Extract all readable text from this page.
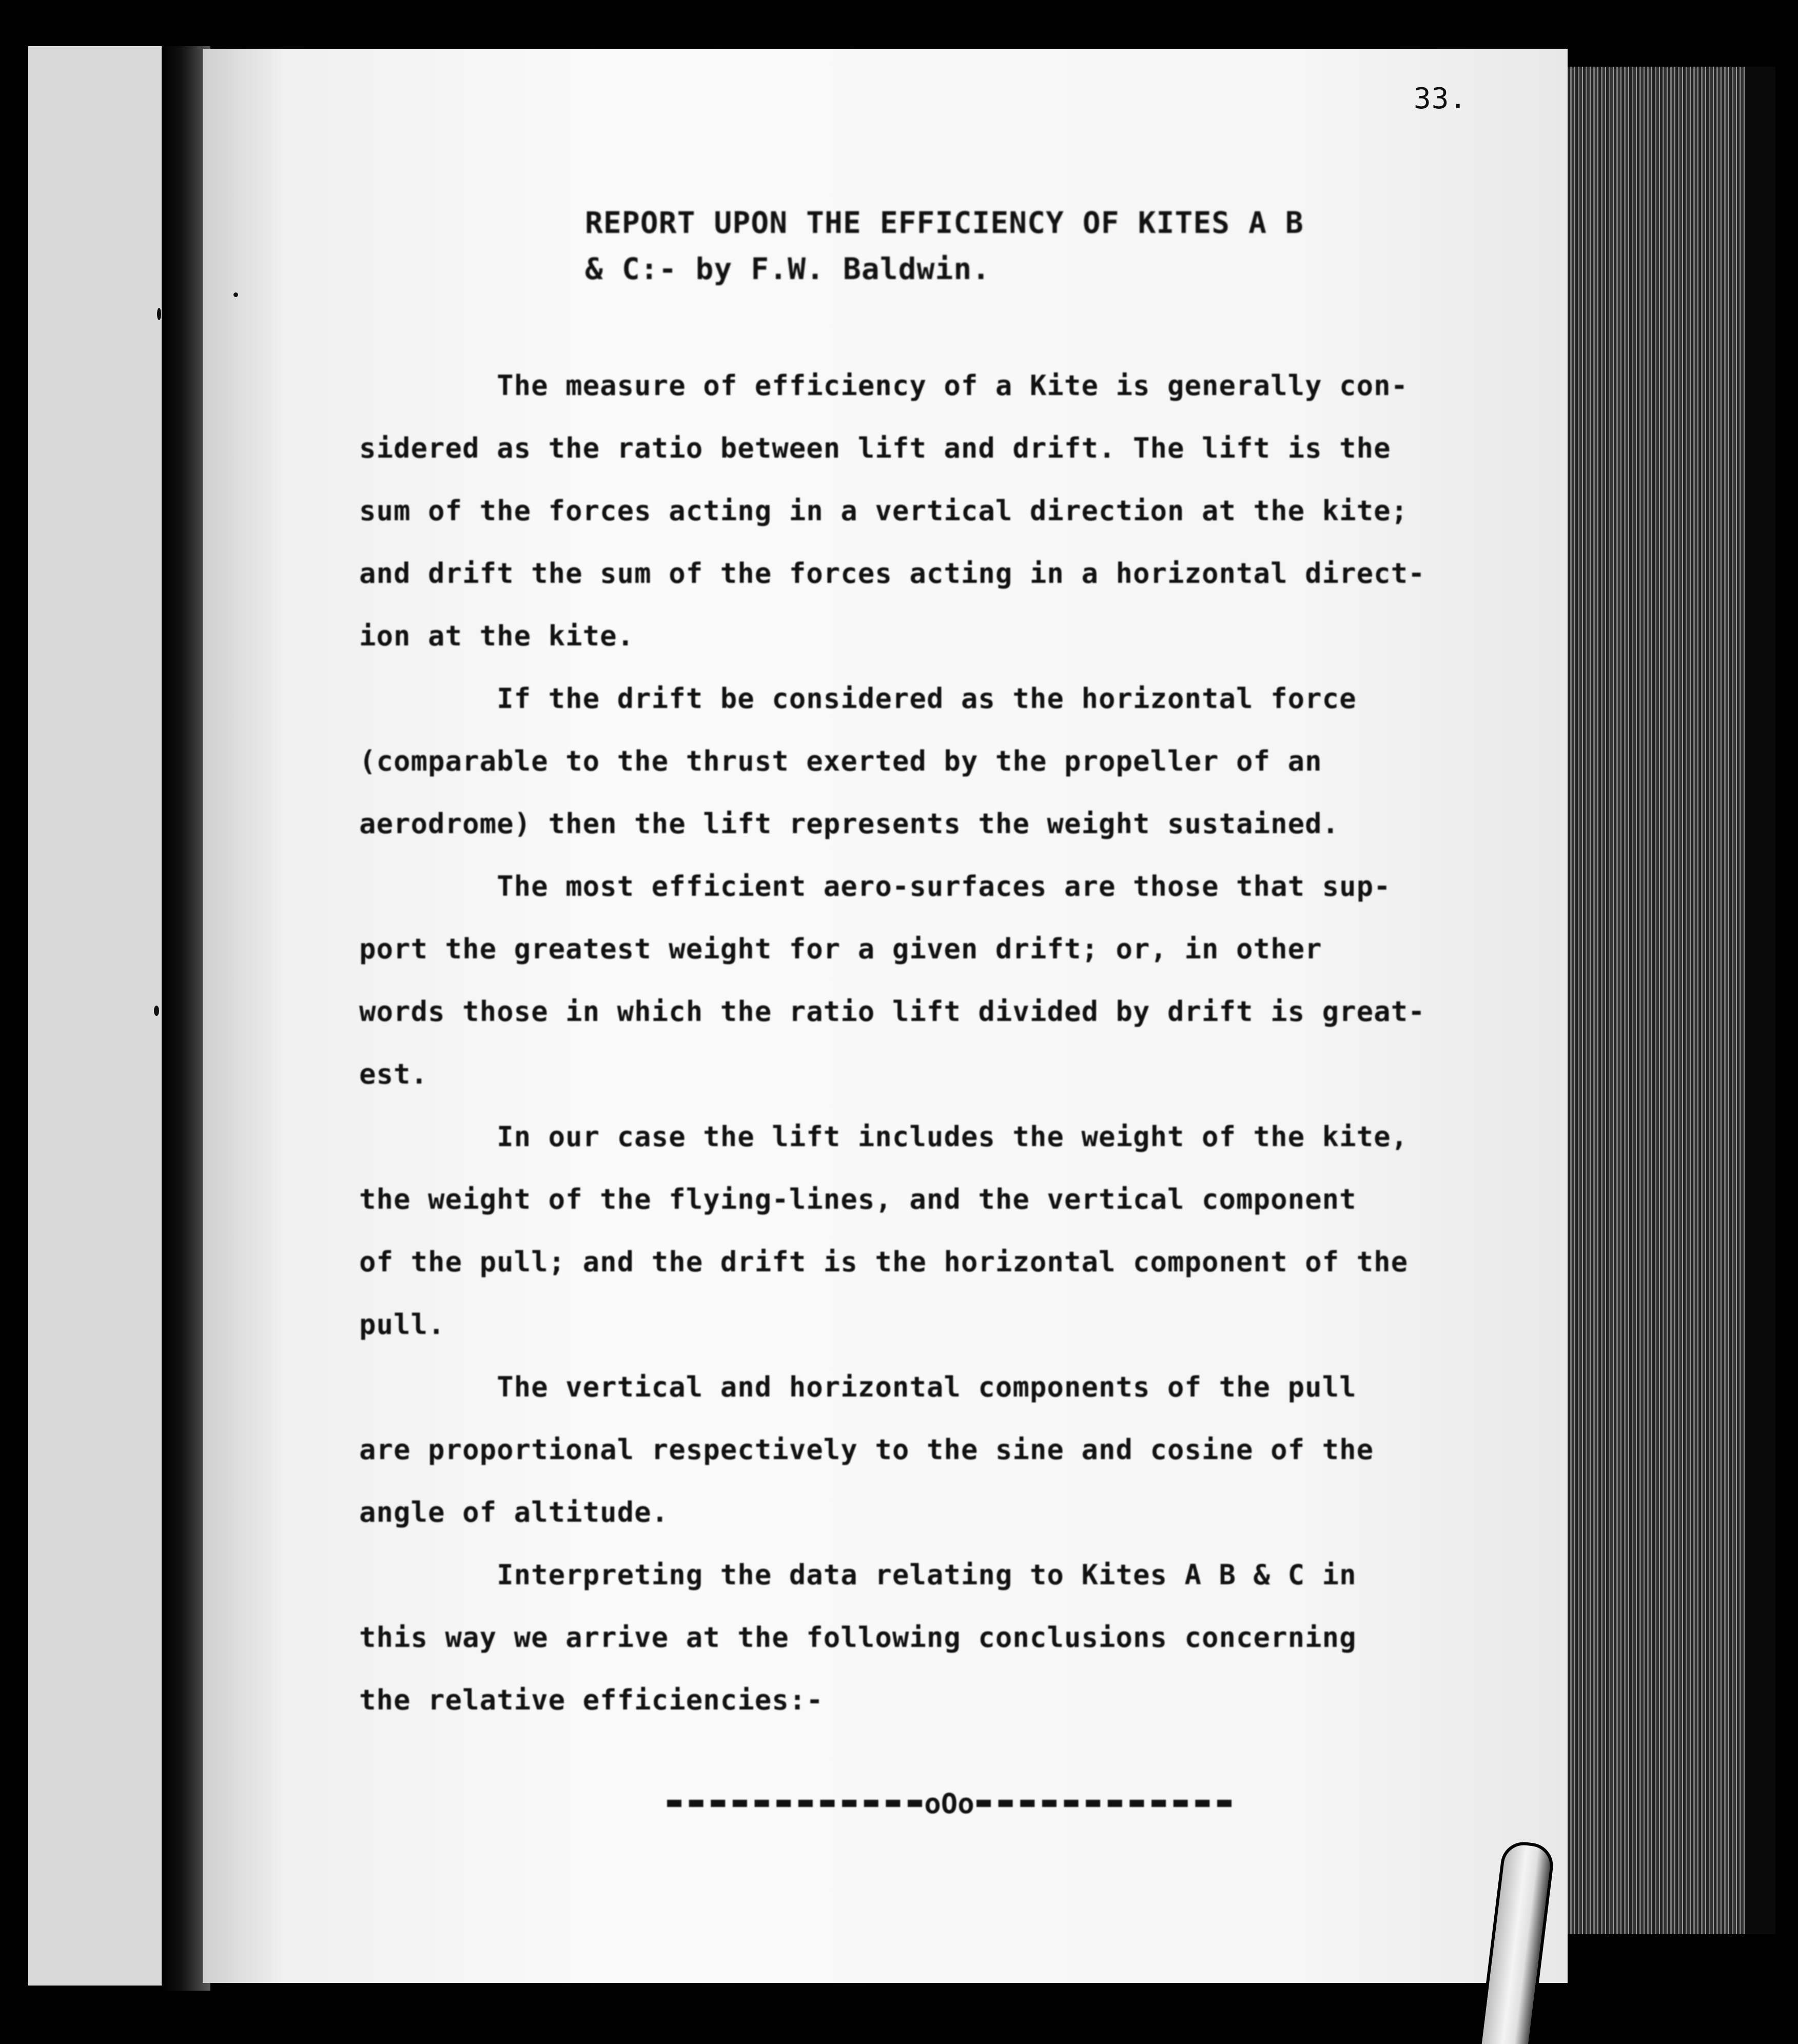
33.
REPORT UPON THE EFFICIENCY OF KITES A B
& C:- by F.W. Baldwin.
The measure of efficiency of a Kite is generally con-
sidered as the ratio between lift and drift. The lift is the
sum of the forces acting in a vertical direction at the kite;
and drift the sum of the forces acting in a horizontal direct-
ion at the kite.
If the drift be considered as the horizontal force
(comparable to the thrust exerted by the propeller of an
aerodrome) then the lift represents the weight sustained.
The most efficient aero-surfaces are those that sup-
port the greatest weight for a given drift; or, in other
words those in which the ratio lift divided by drift is great-
est.
In our case the lift includes the weight of the kite,
the weight of the flying-lines, and the vertical component
of the pull; and the drift is the horizontal component of the
pull.
The vertical and horizontal components of the pull
are proportional respectively to the sine and cosine of the
angle of altitude.
Interpreting the data relating to Kites A B & C in
this way we arrive at the following conclusions concerning
the relative efficiencies:-
oOo
